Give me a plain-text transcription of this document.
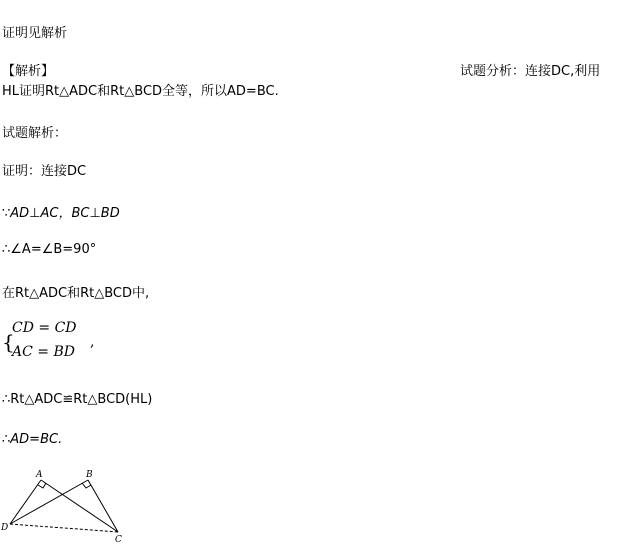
证明见解析
【解析】	试题分析：连接DC,利用
HL证明Rt△ADC和Rt△BCD全等，所以AD=BC.
试题解析：
证明：连接DC
∵AD⊥AC，BC⊥BD
∴∠A=∠B=90°
在Rt△ADC和Rt△BCD中,
{
CD = CD
AC = BD
,
∴Rt△ADC≌Rt△BCD(HL)
∴AD=BC.
A	B
C
D
